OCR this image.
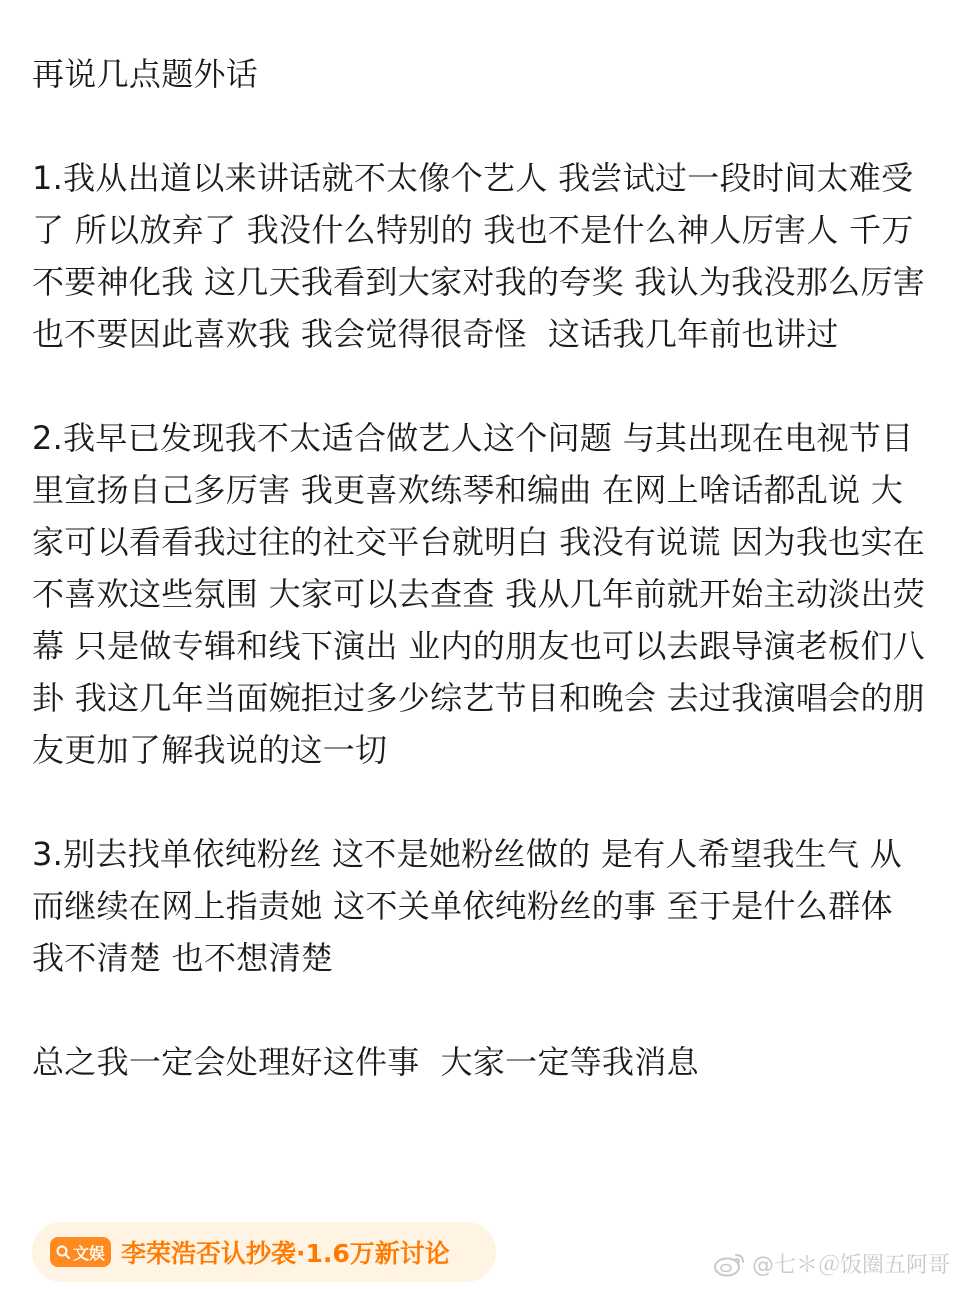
再说几点题外话

1.我从出道以来讲话就不太像个艺人 我尝试过一段时间太难受了 所以放弃了 我没什么特别的 我也不是什么神人厉害人 千万不要神化我 这几天我看到大家对我的夸奖 我认为我没那么厉害 也不要因此喜欢我 我会觉得很奇怪  这话我几年前也讲过

2.我早已发现我不太适合做艺人这个问题 与其出现在电视节目里宣扬自己多厉害 我更喜欢练琴和编曲 在网上啥话都乱说 大家可以看看我过往的社交平台就明白 我没有说谎 因为我也实在不喜欢这些氛围 大家可以去查查 我从几年前就开始主动淡出荧幕 只是做专辑和线下演出 业内的朋友也可以去跟导演老板们八卦 我这几年当面婉拒过多少综艺节目和晚会 去过我演唱会的朋友更加了解我说的这一切

3.别去找单依纯粉丝 这不是她粉丝做的 是有人希望我生气 从而继续在网上指责她 这不关单依纯粉丝的事 至于是什么群体 我不清楚 也不想清楚

总之我一定会处理好这件事  大家一定等我消息

文娱 李荣浩否认抄袭·1.6万新讨论	@七＊＠饭圈五阿哥
